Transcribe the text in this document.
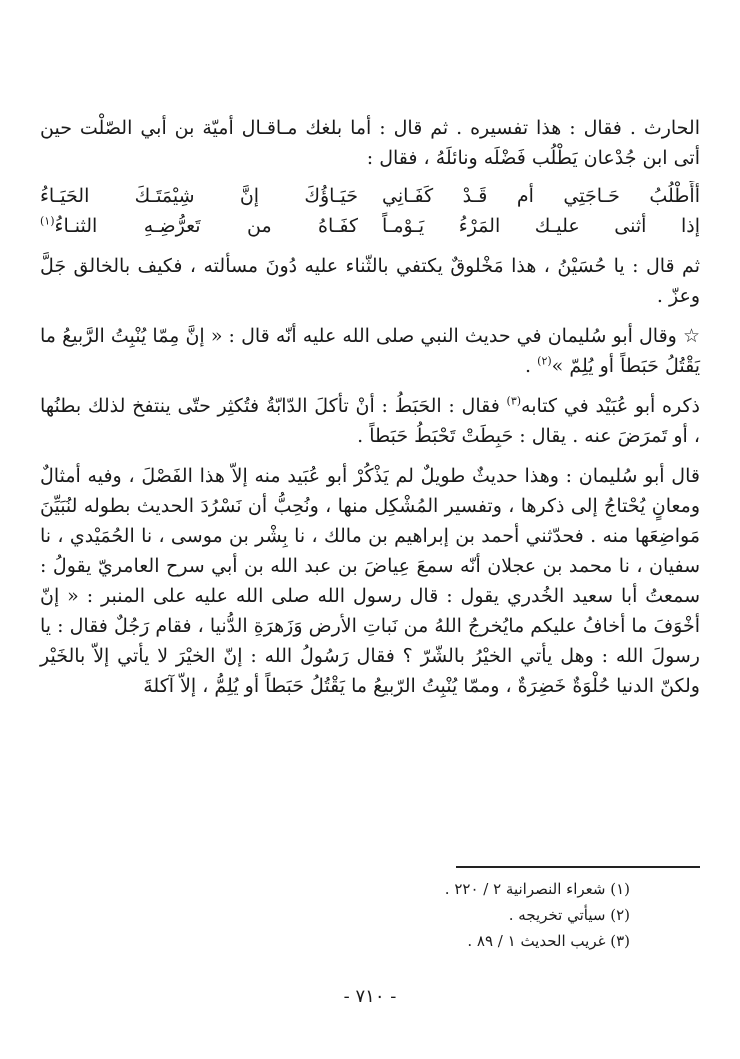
الحارث . فقال : هذا تفسيره . ثم قال : أما بلغك مـاقـال أميّة بن أبي الصّلْت حين أتى ابن جُدْعان يَطْلُب فَضْلَه ونائلَهُ ، فقال :

أأَطْلُبُ حَـاجَتِي أم قَـدْ كَفَـانِي
حَيَـاؤُكَ إنَّ شِيْمَتَـكَ الحَيَـاءُ
إذا أثنى عليـك المَرْءُ يَـوْمـاً
كفَـاهُ من تَعرُّضِـهِ الثنـاءُ$^{(١)}$

ثم قال : يا حُسَيْنُ ، هذا مَخْلوقٌ يكتفي بالثّناء عليه دُونَ مسألته ، فكيف بالخالق جَلَّ وعزّ .

☆ وقال أبو سُليمان في حديث النبي صلى الله عليه أنّه قال : « إنَّ مِمّا يُنْبِتُ الرَّبيعُ ما يَقْتُلُ حَبَطاً أو يُلِمّ »$^{(٢)}$ .

ذكره أبو عُبَيْد في كتابه$^{(٣)}$ فقال : الحَبَطُ : أنْ تأكلَ الدّابّةُ فتُكثِر حتّى ينتفخ لذلك بطنُها ، أو تَمرَضَ عنه . يقال : حَبِطَتْ تَحْبَطُ حَبَطاً .

قال أبو سُليمان : وهذا حديثٌ طويلٌ لم يَذْكُرْ أبو عُبَيد منه إلاّ هذا الفَصْلَ ، وفيه أمثالٌ ومعانٍ يُحْتاجُ إلى ذكرها ، وتفسير المُشْكِل منها ، ونُحِبُّ أن نَسْرُدَ الحديث بطوله لنُبَيِّنَ مَواضِعَها منه . فحدّثني أحمد بن إبراهيم بن مالك ، نا بِشْر بن موسى ، نا الحُمَيْدي ، نا سفيان ، نا محمد بن عجلان أنّه سمعَ عِياضَ بن عبد الله بن أبي سرح العامريّ يقولُ : سمعتُ أبا سعيد الخُدري يقول : قال رسول الله صلى الله عليه على المنبر : « إنّ أخْوَفَ ما أخافُ عليكم مايُخرجُ اللهُ من نَباتِ الأرض وَزَهرَةِ الدُّنيا ، فقام رَجُلٌ فقال : يا رسولَ الله : وهل يأتي الخيْرُ بالشّرّ ؟ فقال رَسُولُ الله : إنّ الخيْرَ لا يأتي إلاّ بالخَيْر ولكنّ الدنيا حُلْوَةٌ خَضِرَةٌ ، وممّا يُنْبِتُ الرّبيعُ ما يَقْتُلُ حَبَطاً أو يُلِمُّ ، إلاّ آكلةَ

(١) شعراء النصرانية ٢ / ٢٢٠ .
(٢) سيأتي تخريجه .
(٣) غريب الحديث ١ / ٨٩ .
- ٧١٠ -
